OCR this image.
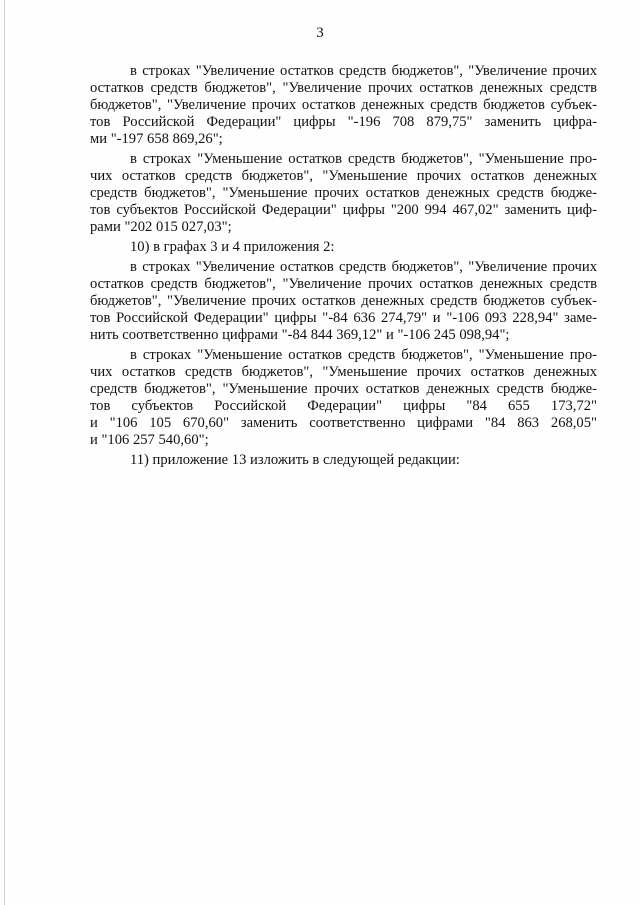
3
в строках "Увеличение остатков средств бюджетов", "Увеличение прочих
остатков средств бюджетов", "Увеличение прочих остатков денежных средств
бюджетов", "Увеличение прочих остатков денежных средств бюджетов субъек-
тов Российской Федерации" цифры "-196 708 879,75" заменить цифра-
ми "-197 658 869,26";
в строках "Уменьшение остатков средств бюджетов", "Уменьшение про-
чих остатков средств бюджетов", "Уменьшение прочих остатков денежных
средств бюджетов", "Уменьшение прочих остатков денежных средств бюдже-
тов субъектов Российской Федерации" цифры "200 994 467,02" заменить циф-
рами "202 015 027,03";
10) в графах 3 и 4 приложения 2:
в строках "Увеличение остатков средств бюджетов", "Увеличение прочих
остатков средств бюджетов", "Увеличение прочих остатков денежных средств
бюджетов", "Увеличение прочих остатков денежных средств бюджетов субъек-
тов Российской Федерации" цифры "-84 636 274,79" и "-106 093 228,94" заме-
нить соответственно цифрами "-84 844 369,12" и "-106 245 098,94";
в строках "Уменьшение остатков средств бюджетов", "Уменьшение про-
чих остатков средств бюджетов", "Уменьшение прочих остатков денежных
средств бюджетов", "Уменьшение прочих остатков денежных средств бюдже-
тов субъектов Российской Федерации" цифры "84 655 173,72"
и "106 105 670,60" заменить соответственно цифрами "84 863 268,05"
и "106 257 540,60";
11) приложение 13 изложить в следующей редакции:
